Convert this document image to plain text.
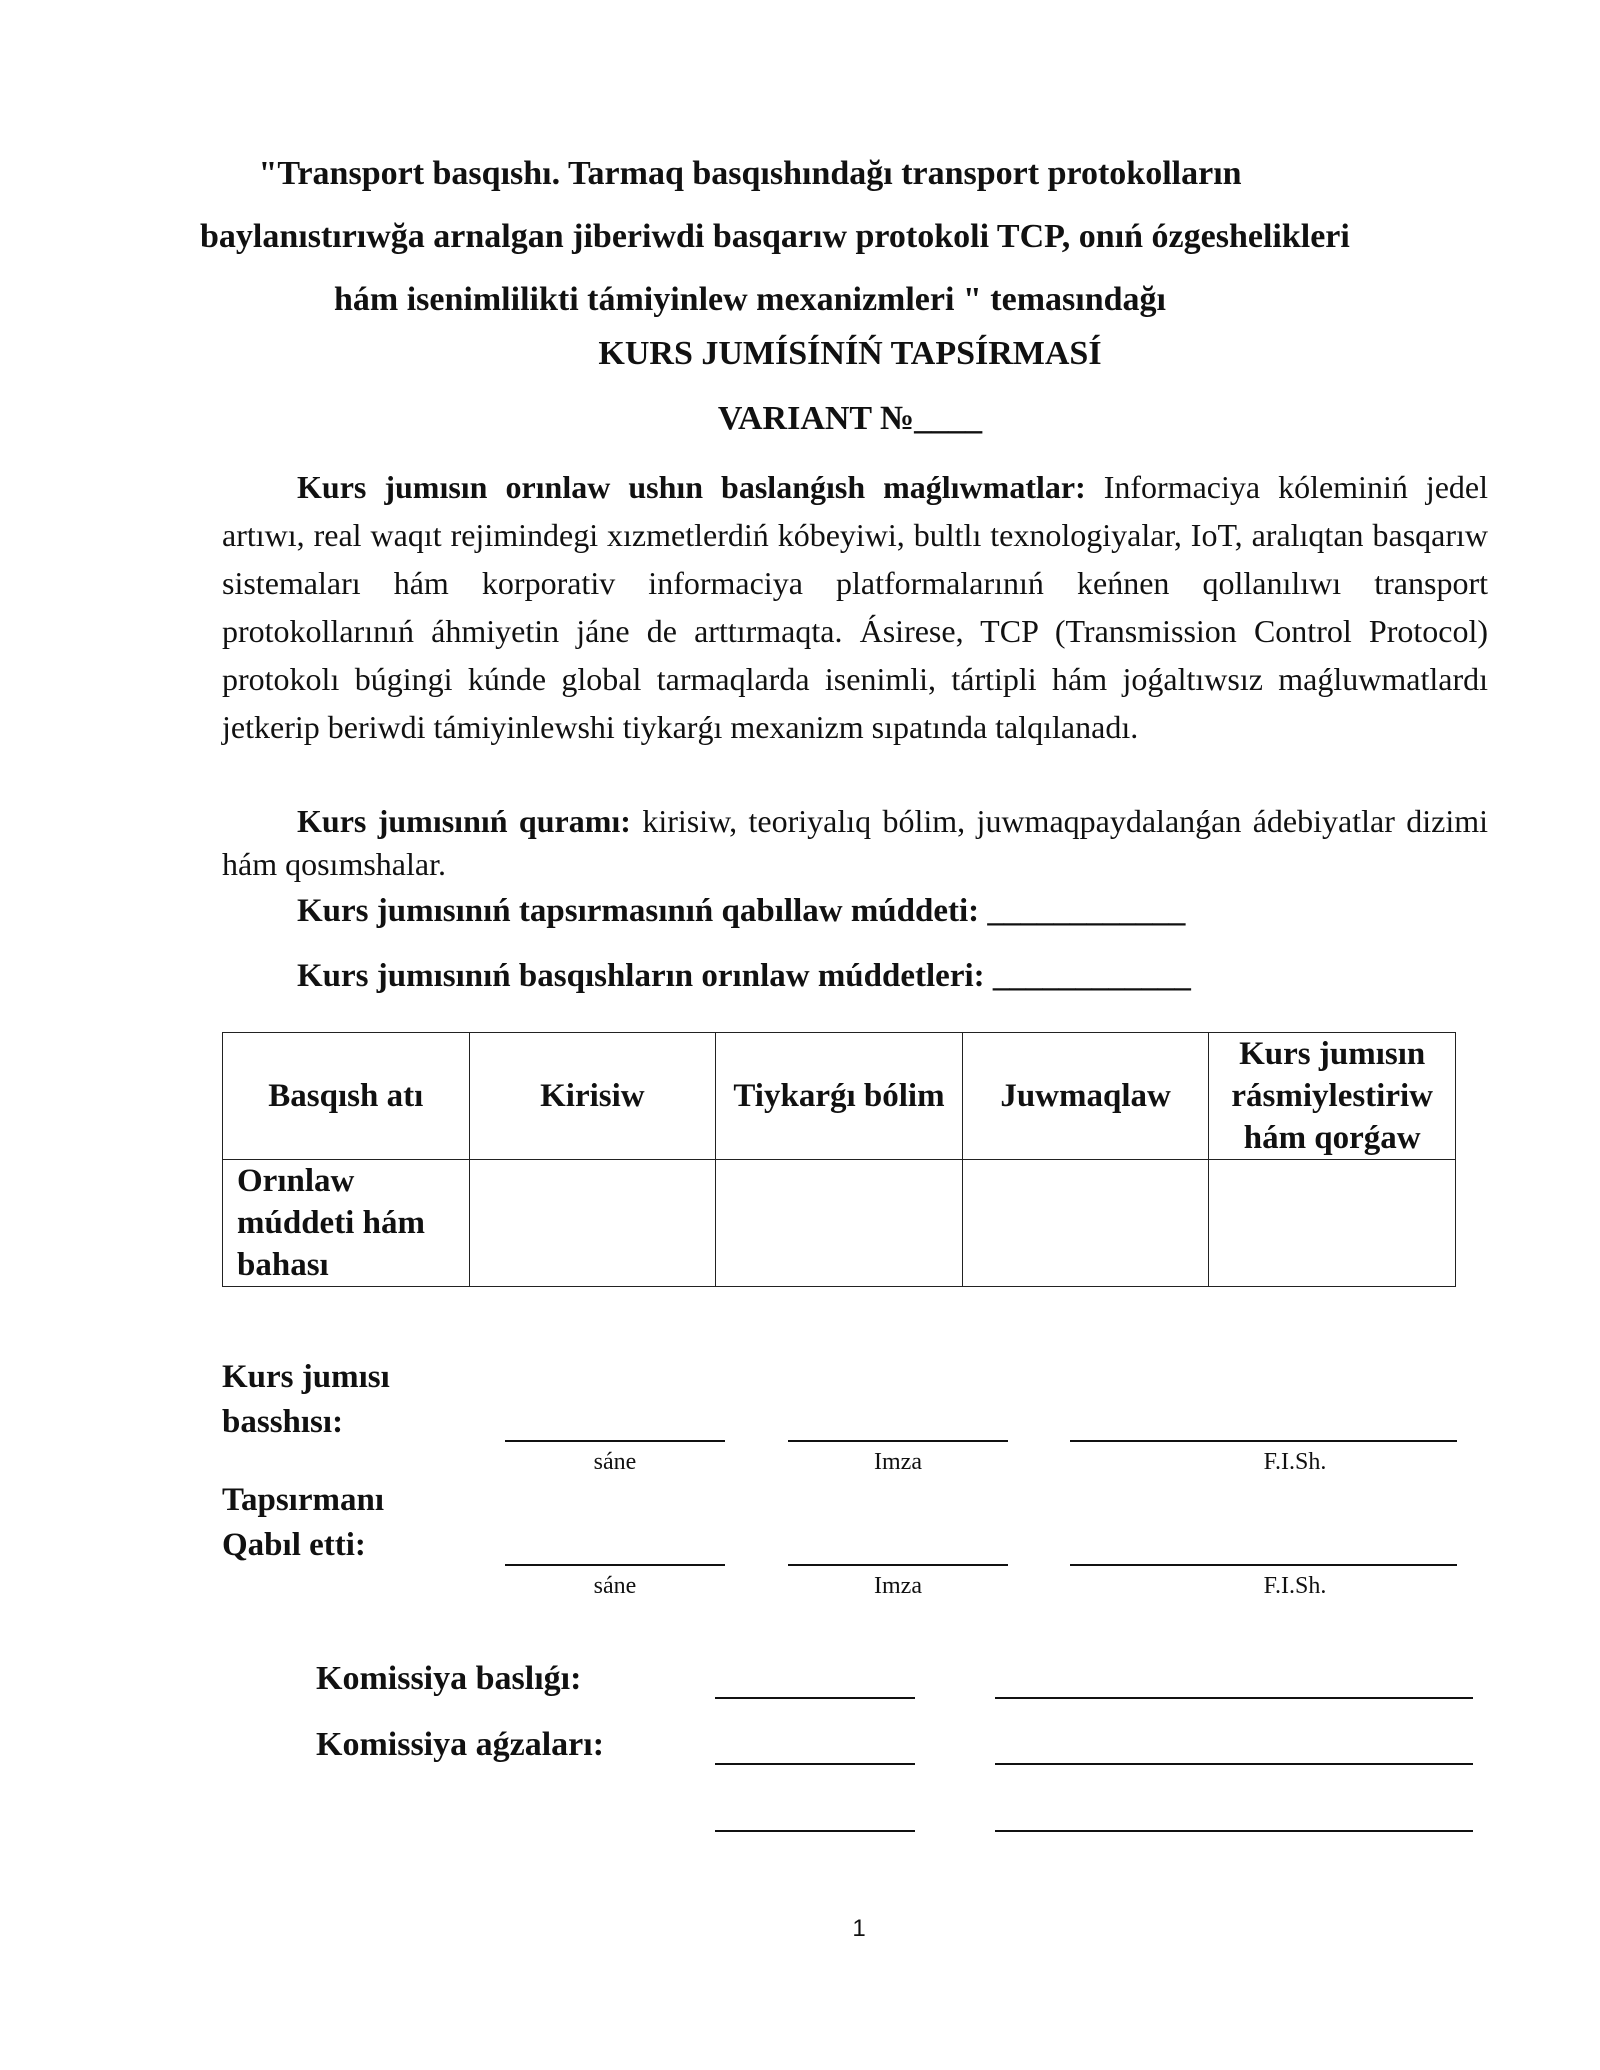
"Transport basqıshı. Tarmaq basqıshındağı transport protokolların
baylanıstırıwğa arnalgan jiberiwdi basqarıw protokoli TCP, onıń ózgeshelikleri
hám isenimlilikti támiyinlew mexanizmleri " temasındağı
KURS JUMÍSÍNÍŃ TAPSÍRMASÍ
VARIANT №____

Kurs jumısın orınlaw ushın baslanǵısh maǵlıwmatlar: Informaciya kóleminiń jedel artıwı, real waqıt rejimindegi xızmetlerdiń kóbeyiwi, bultlı texnologiyalar, IoT, aralıqtan basqarıw sistemaları hám korporativ informaciya platformalarınıń keńnen qollanılıwı transport protokollarınıń áhmiyetin jáne de arttırmaqta. Ásirese, TCP (Transmission Control Protocol) protokolı búgingi kúnde global tarmaqlarda isenimli, tártipli hám joǵaltıwsız maǵluwmatlardı jetkerip beriwdi támiyinlewshi tiykarǵı mexanizm sıpatında talqılanadı.

Kurs jumısınıń quramı: kirisiw, teoriyalıq bólim, juwmaqpaydalanǵan ádebiyatlar dizimi hám qosımshalar.

Kurs jumısınıń tapsırmasınıń qabıllaw múddeti: ____________
Kurs jumısınıń basqıshların orınlaw múddetleri: ____________
Basqısh atı	Kirisiw	Tiykarǵı bólim	Juwmaqlaw	Kurs jumısın rásmiylestiriw hám qorǵaw
Orınlaw múddeti hám bahası				
Kurs jumısı basshısı:
sáne	Imza	F.I.Sh.
Tapsırmanı Qabıl etti:
sáne	Imza	F.I.Sh.
Komissiya baslıǵı:
Komissiya aǵzaları:
1
